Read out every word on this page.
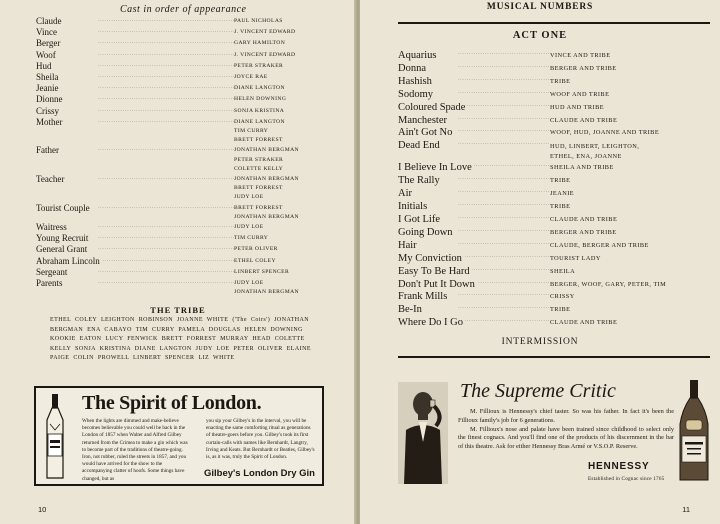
Cast in order of appearance
Claude .....	PAUL NICHOLAS
Vince .....	J. VINCENT EDWARD
Berger .....	GARY HAMILTON
Woof .....	J. VINCENT EDWARD
Hud .....	PETER STRAKER
Sheila .....	JOYCE RAE
Jeanie .....	DIANE LANGTON
Dionne .....	HELEN DOWNING
Crissy .....	SONJA KRISTINA
Mother .....	DIANE LANGTON
TIM CURRY
BRETT FORREST
Father .....	JONATHAN BERGMAN
PETER STRAKER
COLETTE KELLY
Teacher .....	JONATHAN BERGMAN
BRETT FORREST
JUDY LOE
Tourist Couple .....	BRETT FORREST
JONATHAN BERGMAN
Waitress .....	JUDY LOE
Young Recruit .....	TIM CURRY
General Grant .....	PETER OLIVER
Abraham Lincoln .....	ETHEL COLEY
Sergeant .....	LINBERT SPENCER
Parents .....	JUDY LOE
JONATHAN BERGMAN
THE TRIBE
ETHEL COLEY LEIGHTON ROBINSON JOANNE WHITE ('The Coirs') JONATHAN BERGMAN ENA CABAYO TIM CURRY PAMELA DOUGLAS HELEN DOWNING KOOKIE EATON LUCY FENWICK BRETT FORREST MURRAY HEAD COLETTE KELLY SONJA KRISTINA DIANE LANGTON JUDY LOE PETER OLIVER ELAINE PAIGE COLIN PROWELL LINBERT SPENCER LIZ WHITE
The Spirit of London.
When the lights are dimmed and make-believe becomes believable you could well be back in the London of 1857 when Walter and Alfred Gilbey returned from the Crimea to make a gin which was to become part of the traditions of theatre-going. Iron, not rubber, ruled the streets in 1857, and you would have arrived for the show to the accompanying clatter of hoofs. Some things have changed, but as
you sip your Gilbey's in the interval, you will be enacting the same comforting ritual as generations of theatre-goers before you. Gilbey's took its first curtain-calls with names like Bernhardt, Langtry, Irving and Keats. But Bernhardt or Beatles, Gilbey's is, as it was, truly the Spirit of London.
Gilbey's London Dry Gin
10
MUSICAL NUMBERS
ACT ONE
Aquarius .....	VINCE AND TRIBE
Donna .....	BERGER AND TRIBE
Hashish .....	TRIBE
Sodomy .....	WOOF AND TRIBE
Coloured Spade .....	HUD AND TRIBE
Manchester .....	CLAUDE AND TRIBE
Ain't Got No .....	WOOF, HUD, JOANNE AND TRIBE
Dead End .....	HUD, LINBERT, LEIGHTON,
ETHEL, ENA, JOANNE
I Believe In Love .....	SHEILA AND TRIBE
The Rally .....	TRIBE
Air .....	JEANIE
Initials .....	TRIBE
I Got Life .....	CLAUDE AND TRIBE
Going Down .....	BERGER AND TRIBE
Hair .....	CLAUDE, BERGER AND TRIBE
My Conviction .....	TOURIST LADY
Easy To Be Hard .....	SHEILA
Don't Put It Down .....	BERGER, WOOF, GARY, PETER, TIM
Frank Mills .....	CRISSY
Be-In .....	TRIBE
Where Do I Go .....	CLAUDE AND TRIBE
INTERMISSION
The Supreme Critic

M. Fillioux is Hennessy's chief taster. So was his father. In fact it's been the Fillioux family's job for 6 generations.

M. Fillioux's nose and palate have been trained since childhood to select only the finest cognacs. And you'll find one of the products of his discernment in the bar of this theatre. Ask for either Hennessy Bras Armé or V.S.O.P. Reserve.

HENNESSY
Established in Cognac since 1765
11
